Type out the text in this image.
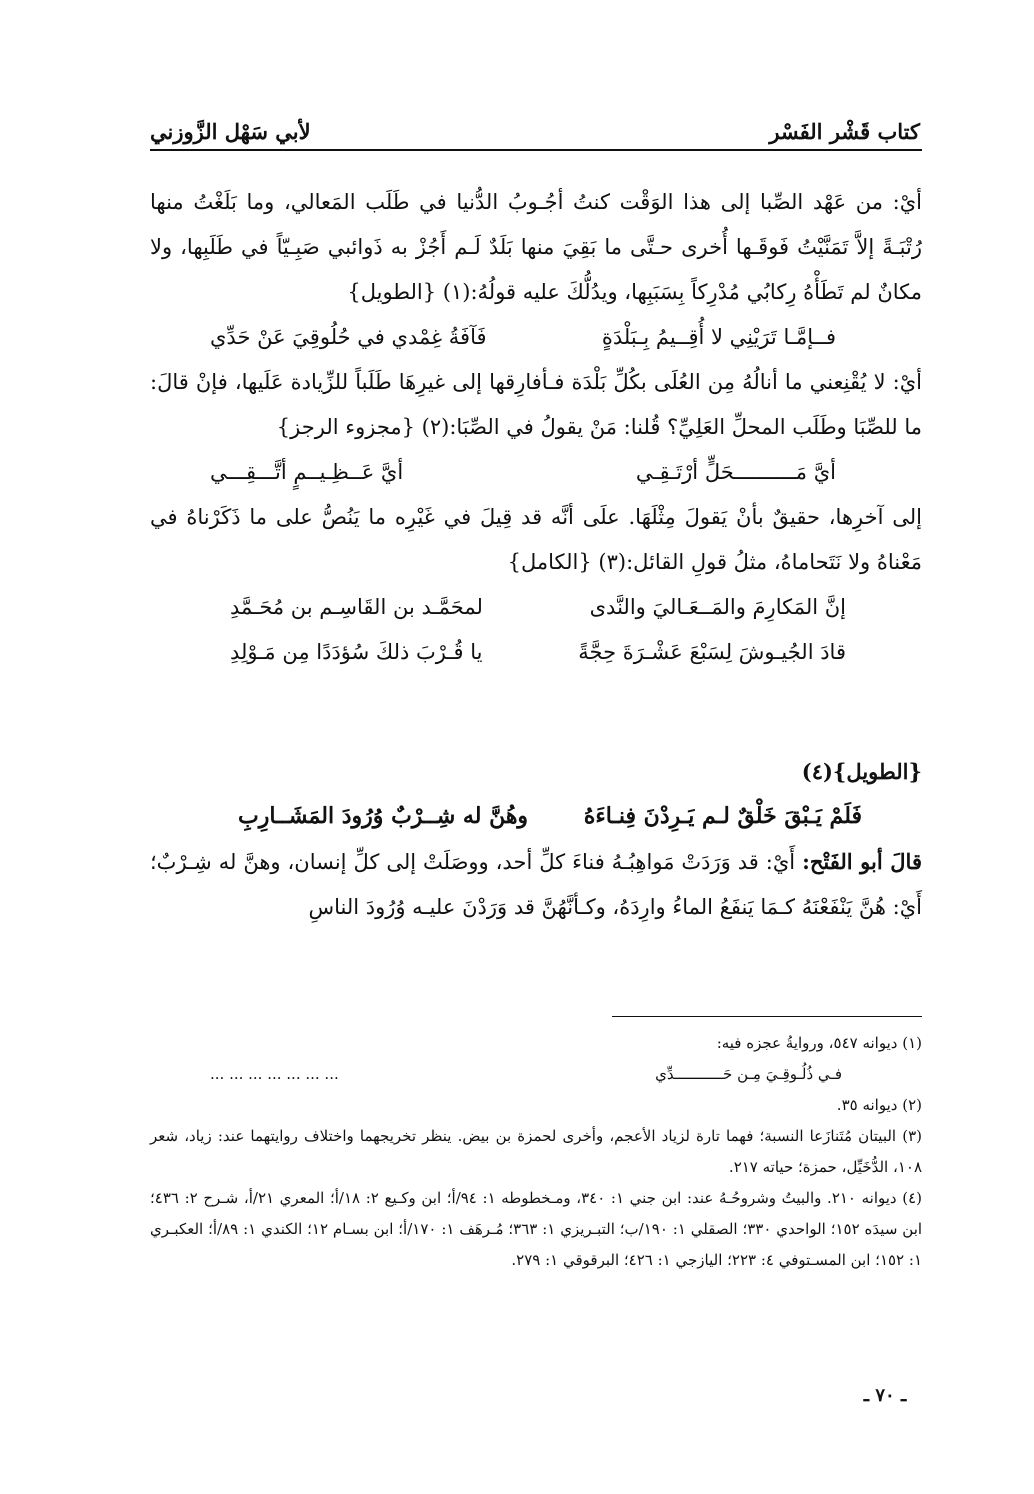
كتاب قَشْر الفَسْر
لأبي سَهْل الزَّوزني

أيْ: من عَهْد الصِّبا إلى هذا الوَقْت كنتُ أجُـوبُ الدُّنيا في طَلَب المَعالي، وما بَلَغْتُ منها رُتْبَـةً إلاَّ تَمَنَّيْتُ فَوقَـها أُخرى حـتَّى ما بَقِيَ منها بَلَدٌ لَـم أَجُزْ به ذَوائبي صَبِـيّاً في طَلَبِها، ولا مكانٌ لم تَطَأْهُ رِكابُي مُدْرِكاً بِسَبَبِها، ويدُلُّكَ عليه قولُهُ:(١) {الطويل}

فــإمَّـا تَرَيْنِي لا أُقِــيمُ بِـبَلْدَةٍ
فَآفَةُ غِمْدي في حُلُوقِيَ عَنْ حَدِّي

أيْ: لا يُقْنِعني ما أنالُهُ مِن العُلَى بكُلِّ بَلْدَة فـأفارِقها إلى غيرِهَا طَلَباً للزِّيادة عَلَيها، فإنْ قالَ: ما للصِّبَا وطَلَب المحلِّ العَلِيِّ؟ قُلنا: مَنْ يقولُ في الصِّبَا:(٢) {مجزوء الرجز}

أيَّ مَــــــــــحَلٍّ أرْتَـقِـي
أيَّ عَــظِـيــمٍ أتَّـــقِـــي

إلى آخرِها، حقيقٌ بأنْ يَقولَ مِثْلَهَا. علَى أنَّه قد قِيلَ في غَيْرِه ما يَنُصُّ على ما ذَكَرْناهُ في مَعْناهُ ولا نَتَحاماهُ، مثلُ قولِ القائل:(٣) {الكامل}

إنَّ المَكارِمَ والمَــعَـاليَ والنَّدى
لمحَمَّـد بن القَاسِـم بن مُحَـمَّدِ
قادَ الجُيـوشَ لِسَبْعَ عَشْـرَةَ حِجَّةً
يا قُـرْبَ ذلكَ سُؤدَدًا مِن مَـوْلِدِ

{الطويل}(٤)

فَلَمْ يَـبْقَ خَلْقٌ لـم يَـرِدْنَ فِنـاءَهُ
وهُنَّ له شِــرْبٌ وُرُودَ المَشَــارِبِ

قالَ أبو الفَتْح: أَيْ: قد وَرَدَتْ مَواهِبُـهُ فناءَ كلِّ أحد، ووصَلَتْ إلى كلِّ إنسان، وهنَّ له شِـرْبٌ؛ أَيْ: هُنَّ يَنْفَعْنَهُ كـمَا يَنفَعُ الماءُ وارِدَهُ، وكـأنَّهُنَّ قد وَرَدْنَ عليـه وُرُودَ الناسِ

(١) ديوانه ٥٤٧، وروايةُ عجزه فيه:

فـي ذُلُـوقِـيَ مِـن حَـــــــــــدِّي
... ... ... ... ... ... ...

(٢) ديوانه ٣٥.

(٣) البيتان مُتَنازَعا النسبة؛ فهما تارة لزياد الأعجم، وأخرى لحمزة بن بيض. ينظر تخريجهما واختلاف روايتهما عند: زياد، شعر ١٠٨، الدُّخَيِّل، حمزة؛ حياته ٢١٧.

(٤) ديوانه ٢١٠. والبيتُ وشروحُـهُ عند: ابن جني ١: ٣٤٠، ومـخطوطه ١: ٩٤/أ؛ ابن وكـيع ٢: ١٨/أ؛ المعري ٢١/أ، شـرح ٢: ٤٣٦؛ ابن سيدَه ١٥٢؛ الواحدي ٣٣٠؛ الصقلي ١: ١٩٠/ب؛ التبـريزي ١: ٣٦٣؛ مُـرهَف ١: ١٧٠/أ؛ ابن بسـام ١٢؛ الكندي ١: ٨٩/أ؛ العكبـري ١: ١٥٢؛ ابن المسـتوفي ٤: ٢٢٣؛ اليازجي ١: ٤٢٦؛ البرقوقي ١: ٢٧٩.

ـ ٧٠ ـ
